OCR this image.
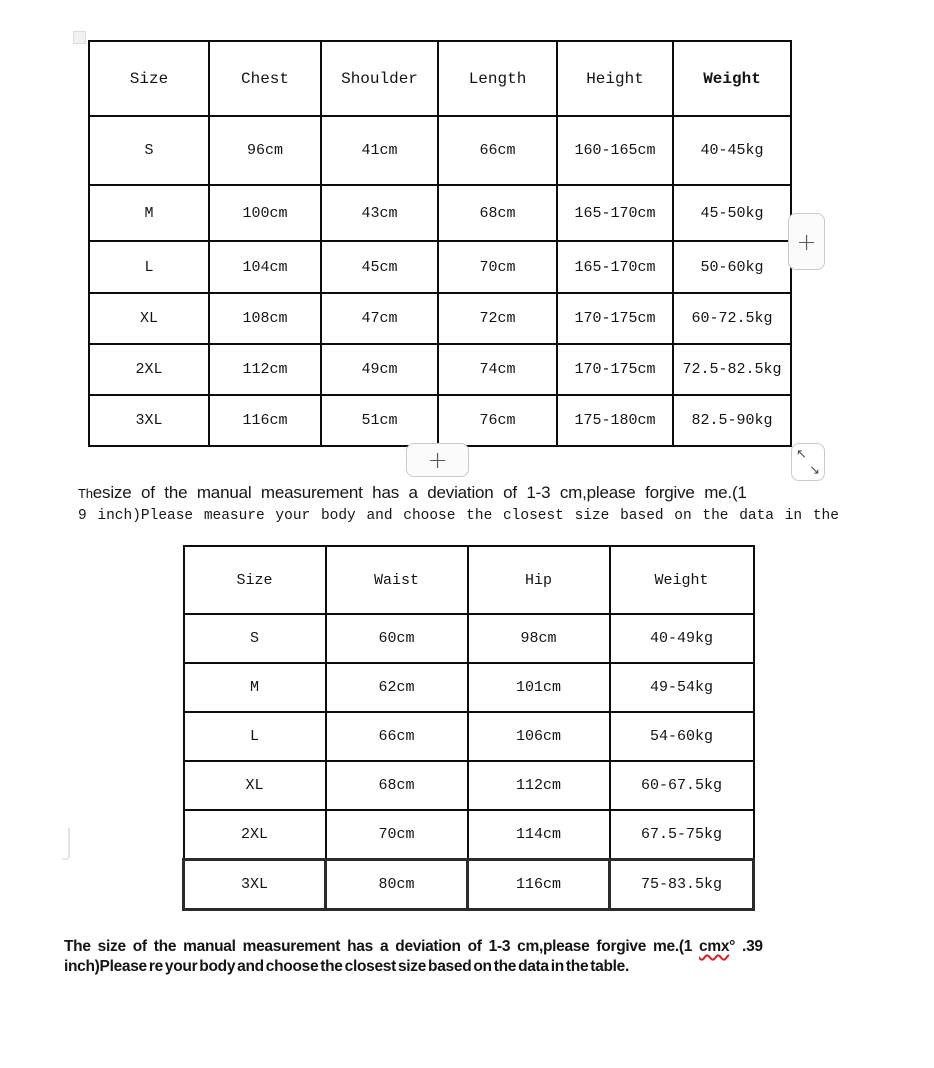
Size	Chest	Shoulder	Length	Height	Weight
S	96cm	41cm	66cm	160-165cm	40-45kg
M	100cm	43cm	68cm	165-170cm	45-50kg
L	104cm	45cm	70cm	165-170cm	50-60kg
XL	108cm	47cm	72cm	170-175cm	60-72.5kg
2XL	112cm	49cm	74cm	170-175cm	72.5-82.5kg
3XL	116cm	51cm	76cm	175-180cm	82.5-90kg
+
+	↖
↘
Thesize of the manual measurement has a deviation of 1-3 cm,please forgive me.(1
9 inch)Please measure your body and choose the closest size based on the data in the
Size	Waist	Hip	Weight
S	60cm	98cm	40-49kg
M	62cm	101cm	49-54kg
L	66cm	106cm	54-60kg
XL	68cm	112cm	60-67.5kg
2XL	70cm	114cm	67.5-75kg
3XL	80cm	116cm	75-83.5kg
The size of the manual measurement has a deviation of 1-3 cm,please forgive me.(1 cmx° .39
inch)Please re your body and choose the closest size based on the data in the table.
